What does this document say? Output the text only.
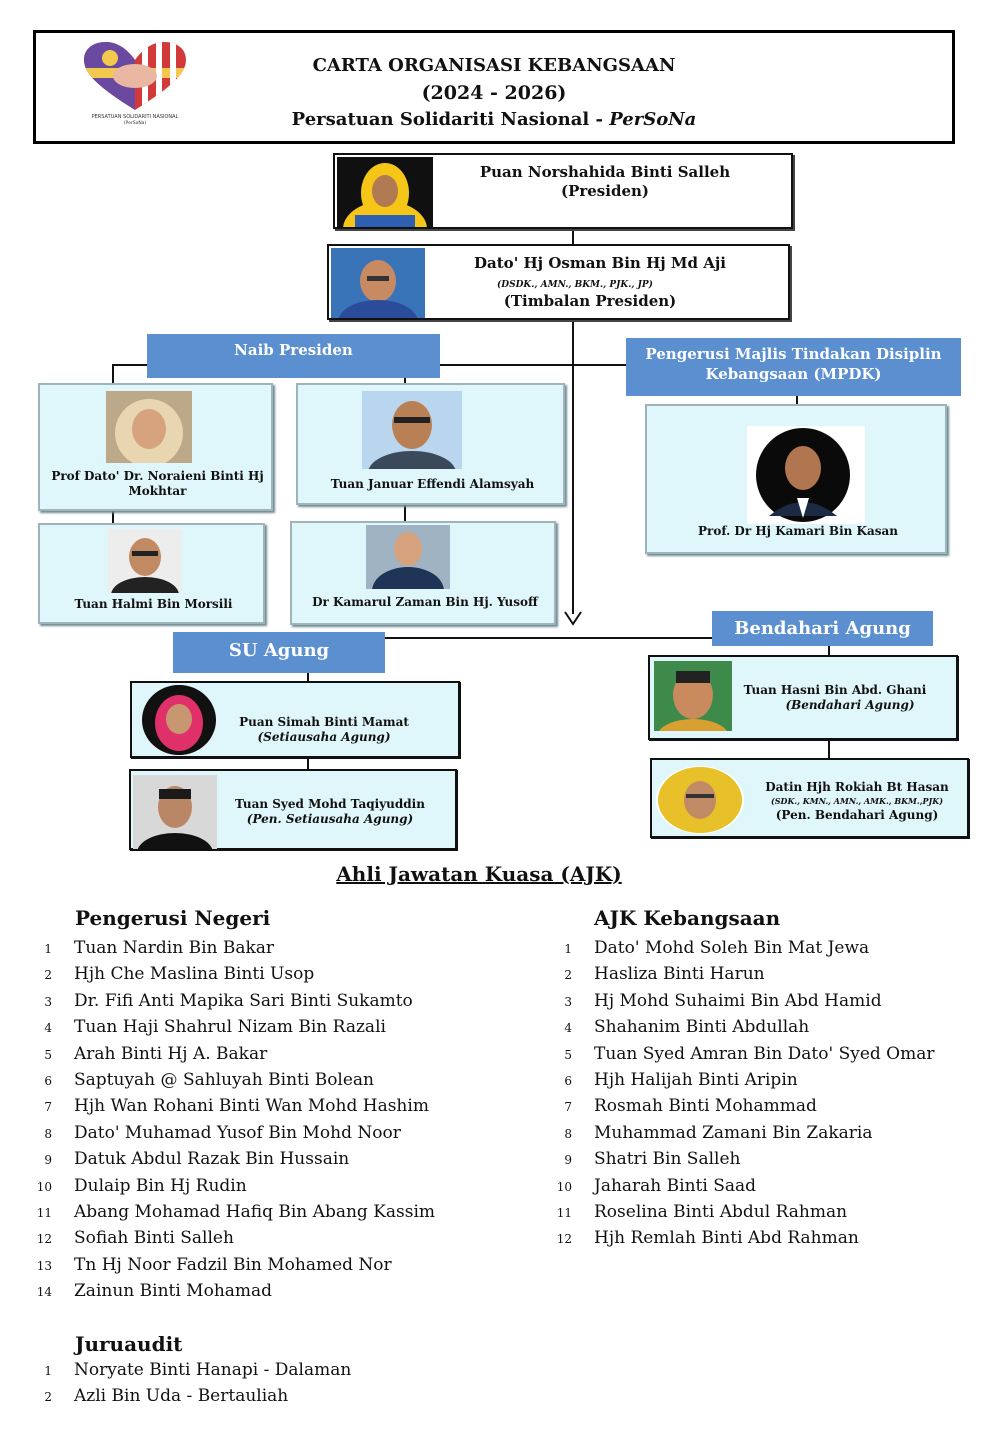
CARTA ORGANISASI KEBANGSAAN
(2024 - 2026)
Persatuan Solidariti Nasional - PerSoNa
PERSATUAN SOLIDARITI NASIONAL
(PerSoNa)
Puan Norshahida Binti Salleh
(Presiden)
Dato' Hj Osman Bin Hj Md Aji
(DSDK., AMN., BKM., PJK., JP)
(Timbalan Presiden)
Naib Presiden
Prof Dato' Dr. Noraieni Binti Hj Mokhtar	Tuan Januar Effendi Alamsyah
Tuan Halmi Bin Morsili	Dr Kamarul Zaman Bin Hj. Yusoff
Pengerusi Majlis Tindakan Disiplin Kebangsaan (MPDK)
Prof. Dr Hj Kamari Bin Kasan
SU Agung
Puan Simah Binti Mamat
(Setiausaha Agung)
Tuan Syed Mohd Taqiyuddin
(Pen. Setiausaha Agung)
Bendahari Agung
Tuan Hasni Bin Abd. Ghani
(Bendahari Agung)
Datin Hjh Rokiah Bt Hasan
(SDK., KMN., AMN., AMK., BKM.,PJK)
(Pen. Bendahari Agung)
Ahli Jawatan Kuasa (AJK)
Pengerusi Negeri
1 Tuan Nardin Bin Bakar
2 Hjh Che Maslina Binti Usop
3 Dr. Fifi Anti Mapika Sari Binti Sukamto
4 Tuan Haji Shahrul Nizam Bin Razali
5 Arah Binti Hj A. Bakar
6 Saptuyah @ Sahluyah Binti Bolean
7 Hjh Wan Rohani Binti Wan Mohd Hashim
8 Dato' Muhamad Yusof Bin Mohd Noor
9 Datuk Abdul Razak Bin Hussain
10 Dulaip Bin Hj Rudin
11 Abang Mohamad Hafiq Bin Abang Kassim
12 Sofiah Binti Salleh
13 Tn Hj Noor Fadzil Bin Mohamed Nor
14 Zainun Binti Mohamad
AJK Kebangsaan
1 Dato' Mohd Soleh Bin Mat Jewa
2 Hasliza Binti Harun
3 Hj Mohd Suhaimi Bin Abd Hamid
4 Shahanim Binti Abdullah
5 Tuan Syed Amran Bin Dato' Syed Omar
6 Hjh Halijah Binti Aripin
7 Rosmah Binti Mohammad
8 Muhammad Zamani Bin Zakaria
9 Shatri Bin Salleh
10 Jaharah Binti Saad
11 Roselina Binti Abdul Rahman
12 Hjh Remlah Binti Abd Rahman
Juruaudit
1 Noryate Binti Hanapi - Dalaman
2 Azli Bin Uda - Bertauliah
